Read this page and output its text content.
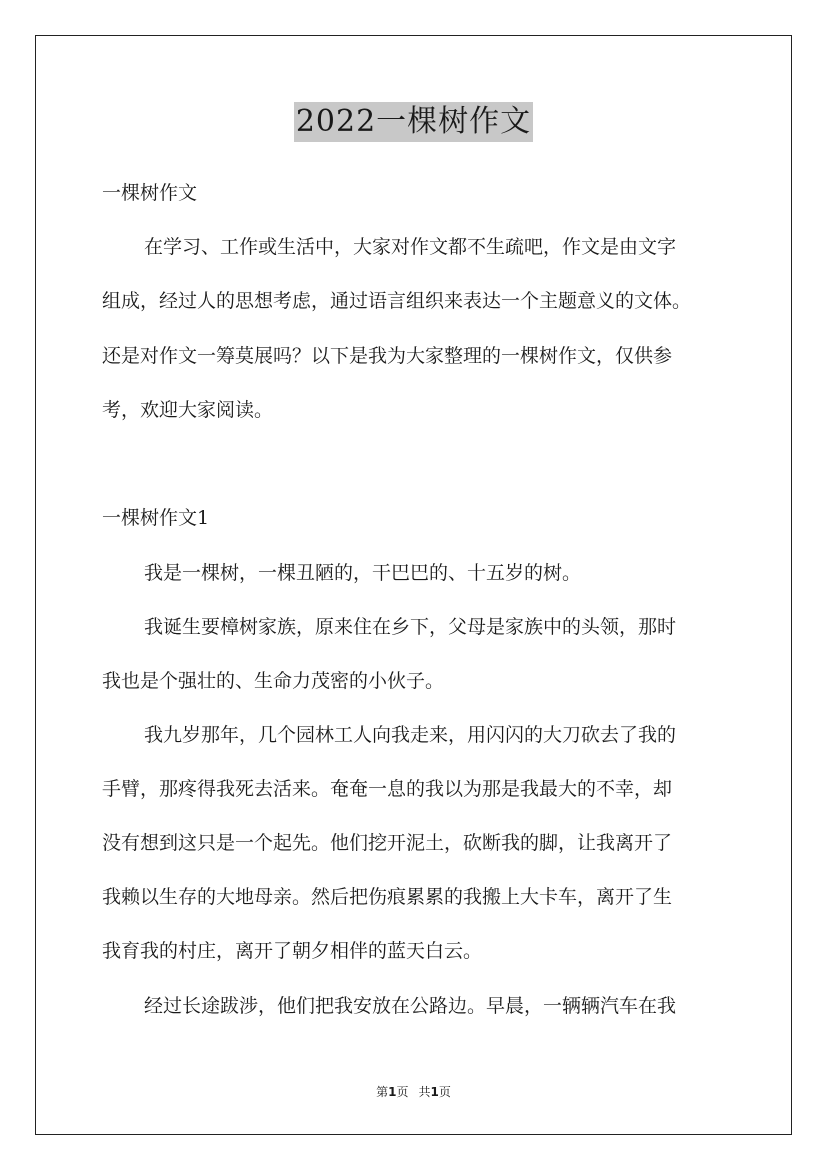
2022一棵树作文
一棵树作文
在学习、工作或生活中，大家对作文都不生疏吧，作文是由文字
组成，经过人的思想考虑，通过语言组织来表达一个主题意义的文体。
还是对作文一筹莫展吗？以下是我为大家整理的一棵树作文，仅供参
考，欢迎大家阅读。
一棵树作文1
我是一棵树，一棵丑陋的，干巴巴的、十五岁的树。
我诞生要樟树家族，原来住在乡下，父母是家族中的头领，那时
我也是个强壮的、生命力茂密的小伙子。
我九岁那年，几个园林工人向我走来，用闪闪的大刀砍去了我的
手臂，那疼得我死去活来。奄奄一息的我以为那是我最大的不幸，却
没有想到这只是一个起先。他们挖开泥土，砍断我的脚，让我离开了
我赖以生存的大地母亲。然后把伤痕累累的我搬上大卡车，离开了生
我育我的村庄，离开了朝夕相伴的蓝天白云。
经过长途跋涉，他们把我安放在公路边。早晨，一辆辆汽车在我
第1页 共1页
